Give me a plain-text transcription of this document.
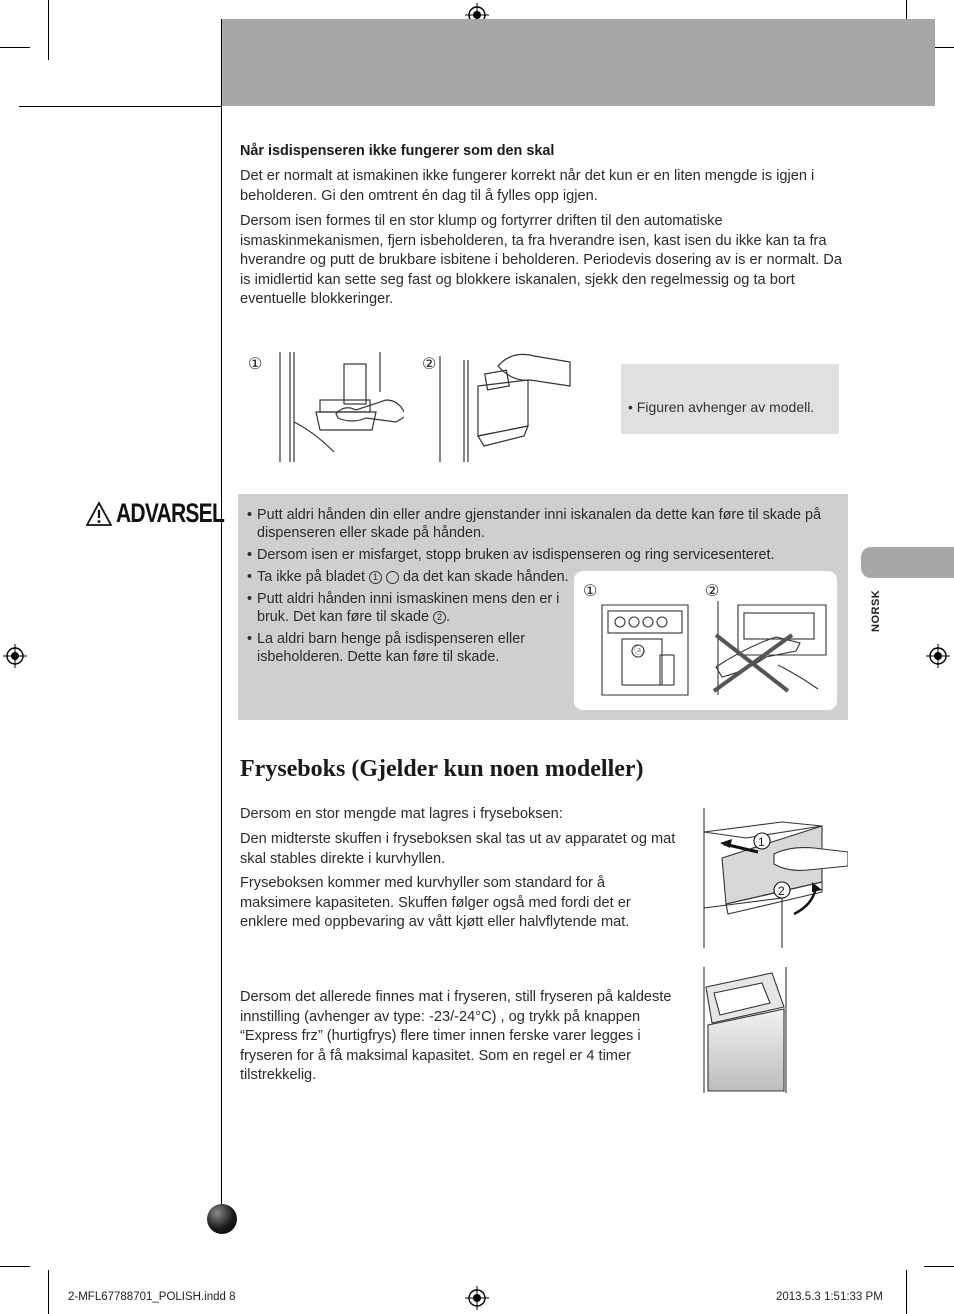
Når isdispenseren ikke fungerer som den skal
Det er normalt at ismakinen ikke fungerer korrekt når det kun er en liten mengde is igjen i beholderen. Gi den omtrent én dag til å fylles opp igjen.
Dersom isen formes til en stor klump og fortyrrer driften til den automatiske ismaskinmekanismen, fjern isbeholderen, ta fra hverandre isen, kast isen du ikke kan ta fra hverandre og putt de brukbare isbitene i beholderen. Periodevis dosering av is er normalt. Da is imidlertid kan sette seg fast og blokkere iskanalen, sjekk den regelmessig og ta bort eventuelle blokkeringer.
①	②
• Figuren avhenger av modell.
ADVARSEL
•	Putt aldri hånden din eller andre gjenstander inni iskanalen da dette kan føre til skade på dispenseren eller skade på hånden.
• Dersom isen er misfarget, stopp bruken av isdispenseren og ring servicesenteret.
• Ta ikke på bladet 1 da det kan skade hånden.
• Putt aldri hånden inni ismaskinen mens den er i bruk. Det kan føre til skade 2 .
• La aldri barn henge på isdispenseren eller isbeholderen. Dette kan føre til skade.
①	②
ⓐ
Fryseboks (Gjelder kun noen modeller)
Dersom en stor mengde mat lagres i fryseboksen:
Den midterste skuffen i fryseboksen skal tas ut av apparatet og mat skal stables direkte i kurvhyllen.
Fryseboksen kommer med kurvhyller som standard for å maksimere kapasiteten. Skuffen følger også med fordi det er enklere med oppbevaring av vått kjøtt eller halvflytende mat.
Dersom det allerede finnes mat i fryseren, still fryseren på kaldeste innstilling (avhenger av type: -23/-24°C) , og trykk på knappen “Express frz” (hurtigfrys) flere timer innen ferske varer legges i fryseren for å få maksimal kapasitet. Som en regel er 4 timer tilstrekkelig.
1
2
NORSK
2-MFL67788701_POLISH.indd 8	2013.5.3 1:51:33 PM
